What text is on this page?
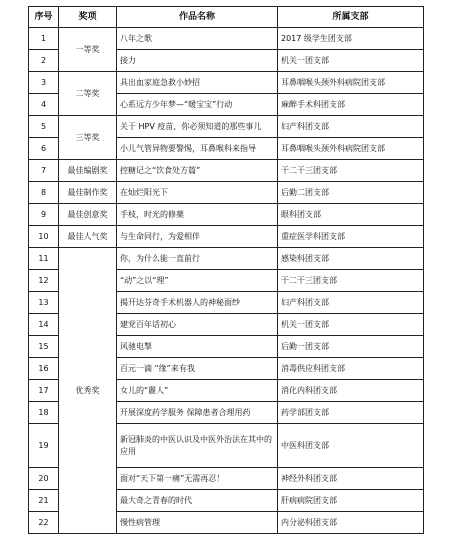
序号	奖项	作品名称	所属支部
1	一等奖	八年之歌	2017 级学生团支部
2		接力	机关一团支部
3	二等奖	具出血家庭急救小妙招	耳鼻咽喉头颈外科病院团支部
4		心系远方少年梦—“暖宝宝”行动	麻醉手术科团支部
5	三等奖	关于 HPV 疫苗，你必须知道的那些事儿	妇产科团支部
6		小儿气管异物要警惕，耳鼻喉科来指导	耳鼻咽喉头颈外科病院团支部
7	最佳编剧奖	控糖记之“饮食处方篇”	干二干三团支部
8	最佳制作奖	在灿烂阳光下	后勤二团支部
9	最佳创意奖	手枝，时光的修薬	眼科团支部
10	最佳人气奖	与生命同行，为爱相伴	重症医学科团支部
11	优秀奖	你，为什么能一直前行	感染科团支部
12		“动”之以“理”	干二干三团支部
13		揭开达芬奇手术机器人的神秘面纱	妇产科团支部
14		建党百年话初心	机关一团支部
15		风驰电掣	后勤一团支部
16		百元一滴 “缘”来有我	消毒供应科团支部
17		女儿的“麗人”	消化内科团支部
18		开展深度药学服务 保障患者合理用药	药学部团支部
19		新冠肺炎的中医认识及中医外治法在其中的应用	中医科团支部
20		面对“天下第一痛”无需再忍！	神经外科团支部
21		最大奇之青春的时代	肝病病院团支部
22		慢性病管理	内分泌科团支部
